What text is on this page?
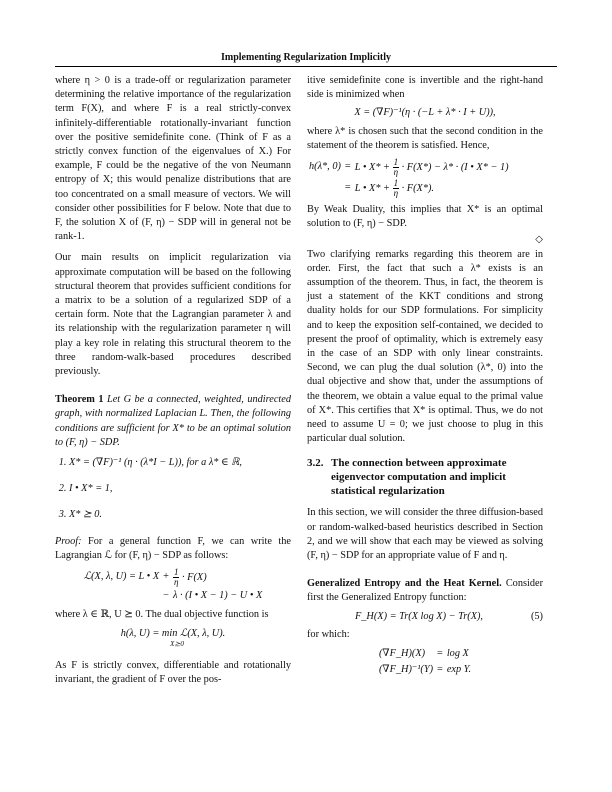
Implementing Regularization Implicitly

where η > 0 is a trade-off or regularization parameter determining the relative importance of the regularization term F(X), and where F is a real strictly-convex infinitely-differentiable rotationally-invariant function over the positive semidefinite cone. (Think of F as a strictly convex function of the eigenvalues of X.) For example, F could be the negative of the von Neumann entropy of X; this would penalize distributions that are too concentrated on a small measure of vectors. We will consider other possibilities for F below. Note that due to F, the solution X of (F, η) − SDP will in general not be rank-1.

Our main results on implicit regularization via approximate computation will be based on the following structural theorem that provides sufficient conditions for a matrix to be a solution of a regularized SDP of a certain form. Note that the Lagrangian parameter λ and its relationship with the regularization parameter η will play a key role in relating this structural theorem to the three random-walk-based procedures described previously.

Theorem 1 Let G be a connected, weighted, undirected graph, with normalized Laplacian L. Then, the following conditions are sufficient for X* to be an optimal solution to (F, η) − SDP.

1. X* = (∇F)⁻¹ (η · (λ*I − L)), for a λ* ∈ ℝ,
2. I • X* = 1,
3. X* ⪰ 0.

Proof: For a general function F, we can write the Lagrangian ℒ for (F, η) − SDP as follows:

ℒ(X, λ, U) = L • X	+	$\frac{1}{\eta} \cdot F(X)$
	−	λ · (I • X − 1) − U • X

where λ ∈ ℝ, U ⪰ 0. The dual objective function is

h(λ, U) = min ℒ(X, λ, U).
X⪰0

As F is strictly convex, differentiable and rotationally invariant, the gradient of F over the pos-

itive semidefinite cone is invertible and the right-hand side is minimized when

X = (∇F)⁻¹(η · (−L + λ* · I + U)),

where λ* is chosen such that the second condition in the statement of the theorem is satisfied. Hence,

h(λ*, 0)	=	L • $X* + \frac{1}{\eta} \cdot F(X*) - \lambda* \cdot (I$ • X* − 1)
	=	L • $X* + \frac{1}{\eta} \cdot F(X*)$.

By Weak Duality, this implies that X* is an optimal solution to (F, η) − SDP.

◇

Two clarifying remarks regarding this theorem are in order. First, the fact that such a λ* exists is an assumption of the theorem. Thus, in fact, the theorem is just a statement of the KKT conditions and strong duality holds for our SDP formulations. For simplicity and to keep the exposition self-contained, we decided to present the proof of optimality, which is extremely easy in the case of an SDP with only linear constraints. Second, we can plug the dual solution (λ*, 0) into the dual objective and show that, under the assumptions of the theorem, we obtain a value equal to the primal value of X*. This certifies that X* is optimal. Thus, we do not need to assume U = 0; we just choose to plug in this particular dual solution.

3.2. The connection between approximate eigenvector computation and implicit statistical regularization

In this section, we will consider the three diffusion-based or random-walked-based heuristics described in Section 2, and we will show that each may be viewed as solving (F, η) − SDP for an appropriate value of F and η.

Generalized Entropy and the Heat Kernel. Consider first the Generalized Entropy function:

F_H(X) = Tr(X log X) − Tr(X),	(5)

for which:

(∇F_H)(X)	=	log X
(∇F_H)⁻¹(Y)	=	exp Y.
